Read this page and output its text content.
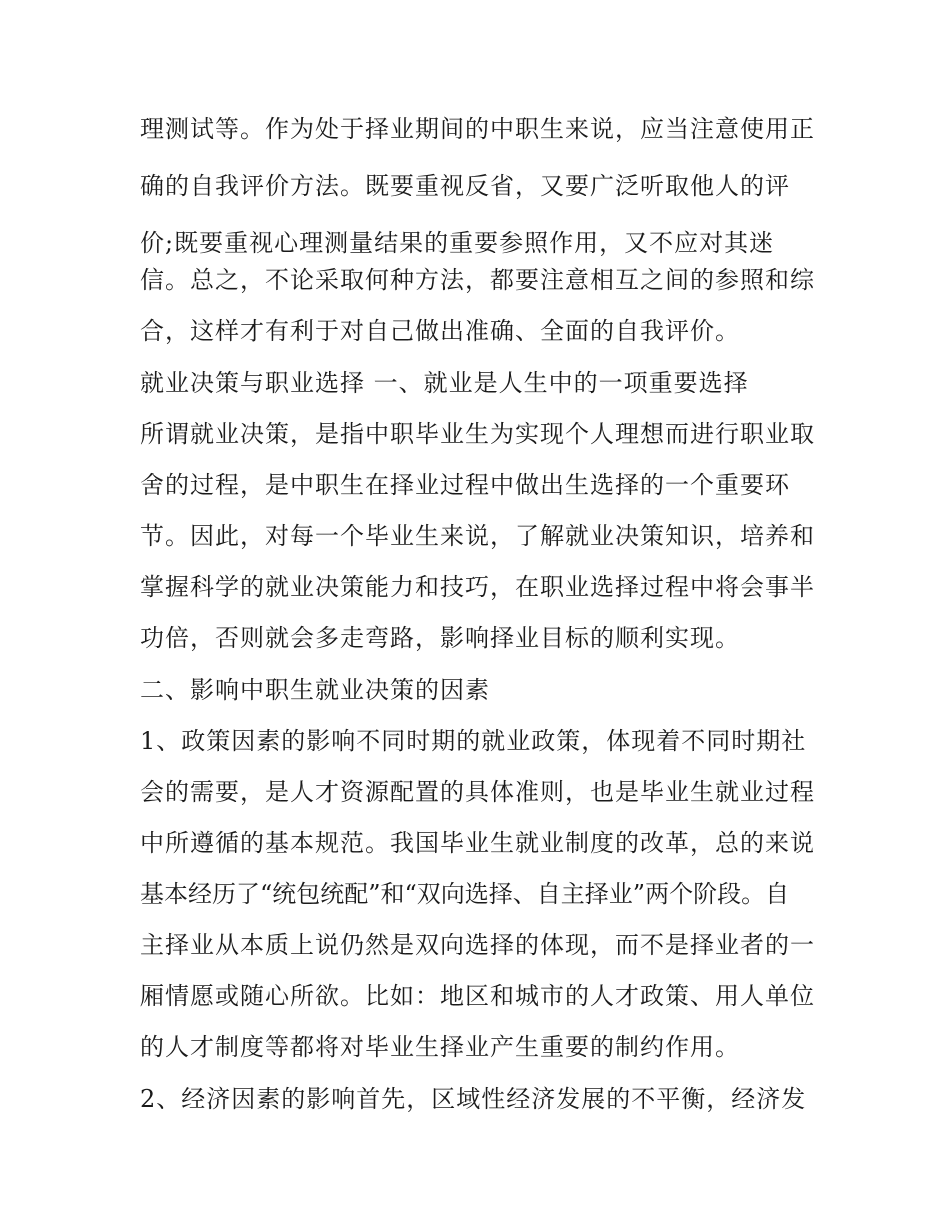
理测试等。作为处于择业期间的中职生来说，应当注意使用正
确的自我评价方法。既要重视反省，又要广泛听取他人的评
价;既要重视心理测量结果的重要参照作用，又不应对其迷
信。总之，不论采取何种方法，都要注意相互之间的参照和综
合，这样才有利于对自己做出准确、全面的自我评价。
就业决策与职业选择 一、就业是人生中的一项重要选择
所谓就业决策，是指中职毕业生为实现个人理想而进行职业取
舍的过程，是中职生在择业过程中做出生选择的一个重要环
节。因此，对每一个毕业生来说，了解就业决策知识，培养和
掌握科学的就业决策能力和技巧，在职业选择过程中将会事半
功倍，否则就会多走弯路，影响择业目标的顺利实现。
二、影响中职生就业决策的因素
1、政策因素的影响不同时期的就业政策，体现着不同时期社
会的需要，是人才资源配置的具体准则，也是毕业生就业过程
中所遵循的基本规范。我国毕业生就业制度的改革，总的来说
基本经历了“统包统配”和“双向选择、自主择业”两个阶段。自
主择业从本质上说仍然是双向选择的体现，而不是择业者的一
厢情愿或随心所欲。比如：地区和城市的人才政策、用人单位
的人才制度等都将对毕业生择业产生重要的制约作用。
2、经济因素的影响首先，区域性经济发展的不平衡，经济发
